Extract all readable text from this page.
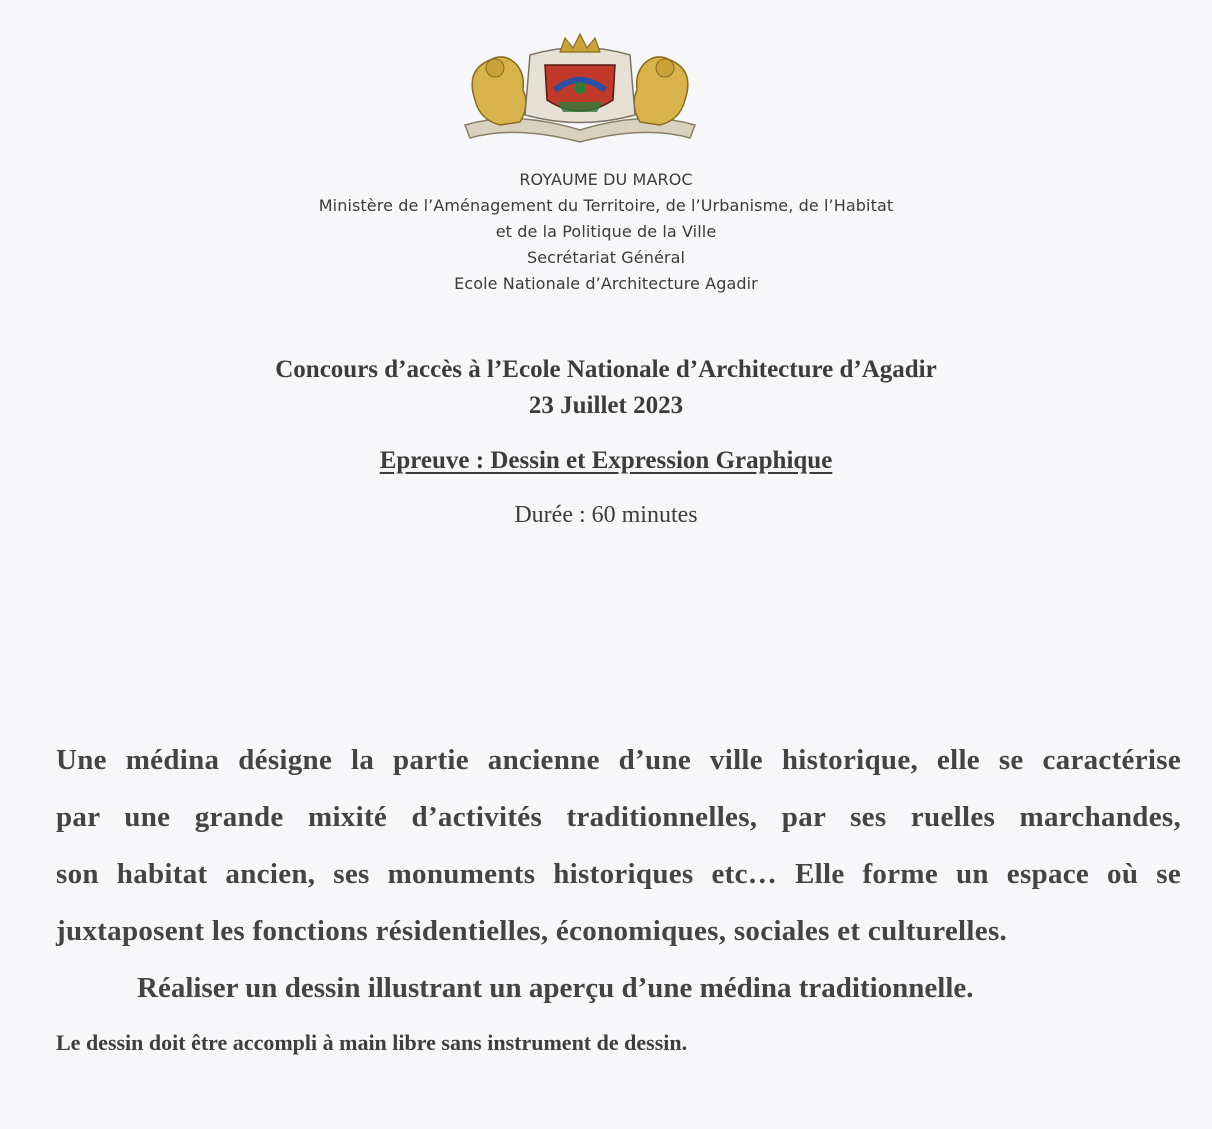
ROYAUME DU MAROC
Ministère de l’Aménagement du Territoire, de l’Urbanisme, de l’Habitat
et de la Politique de la Ville
Secrétariat Général
Ecole Nationale d’Architecture Agadir
Concours d’accès à l’Ecole Nationale d’Architecture d’Agadir
23 Juillet 2023
Epreuve : Dessin et Expression Graphique
Durée : 60 minutes
Une médina désigne la partie ancienne d’une ville historique, elle se caractérise
par une grande mixité d’activités traditionnelles, par ses ruelles marchandes,
son habitat ancien, ses monuments historiques etc… Elle forme un espace où se
juxtaposent les fonctions résidentielles, économiques, sociales et culturelles.
Réaliser un dessin illustrant un aperçu d’une médina traditionnelle.
Le dessin doit être accompli à main libre sans instrument de dessin.
